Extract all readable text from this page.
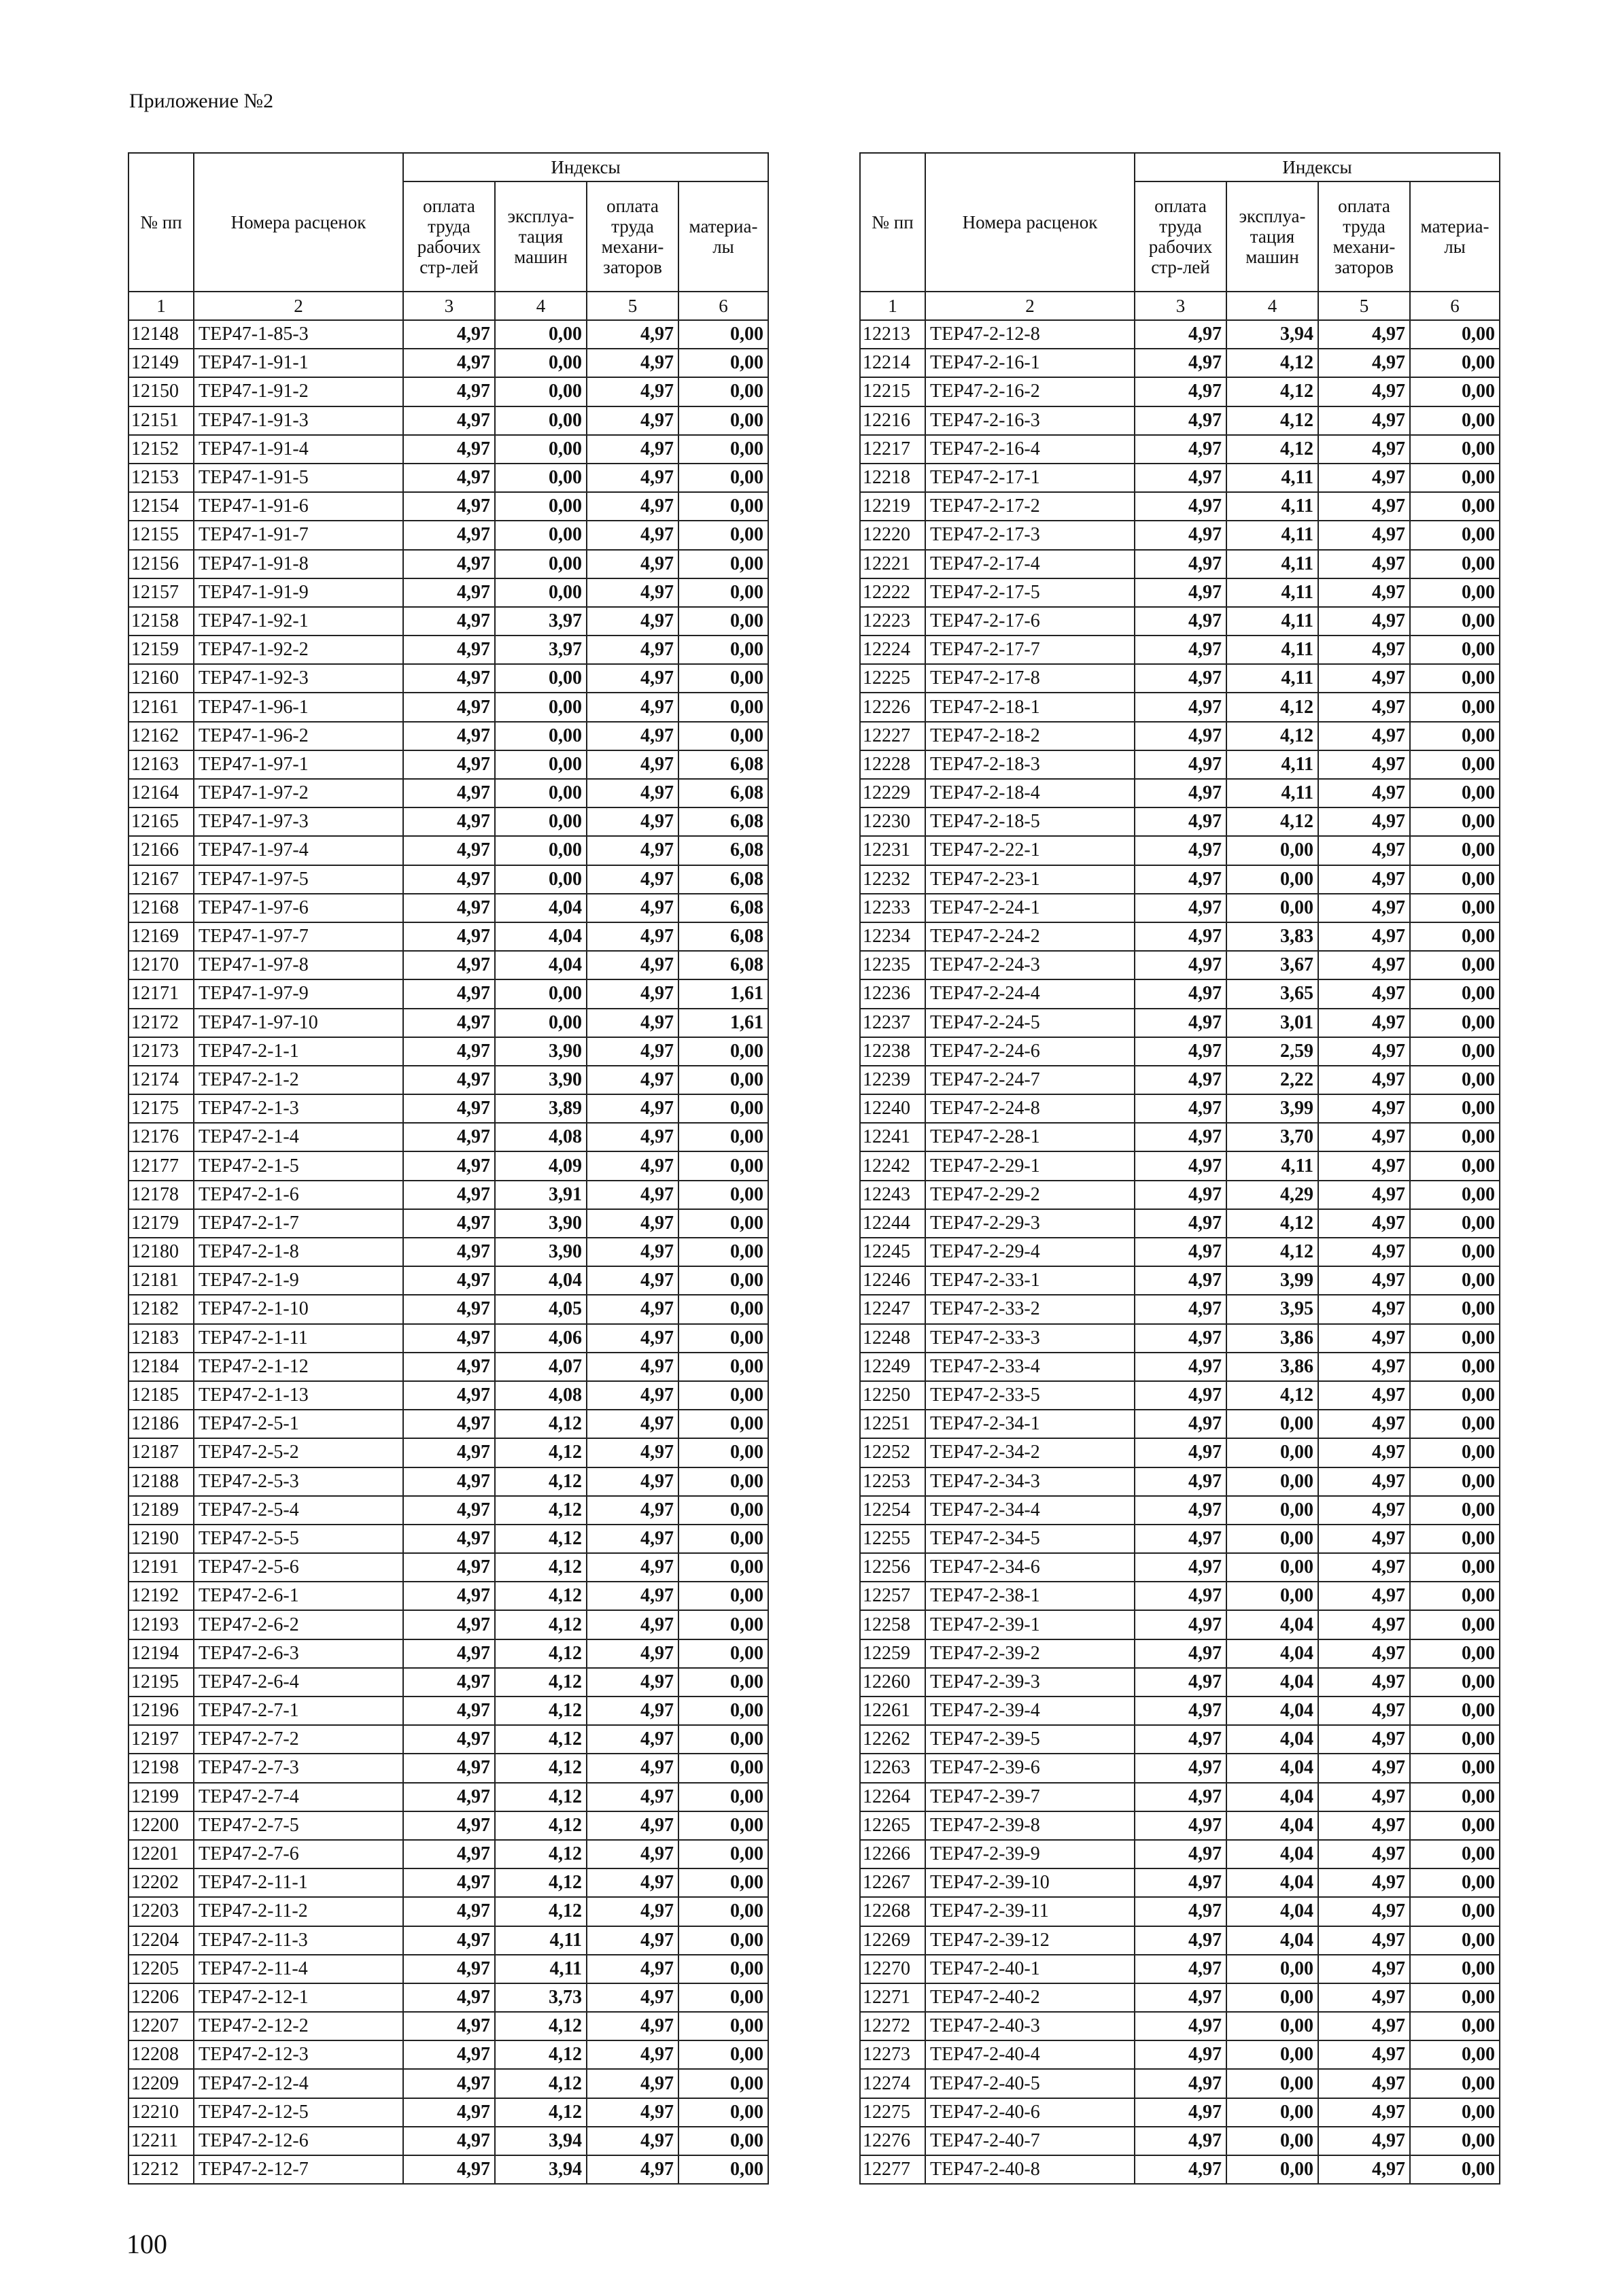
Приложение №2
№ пп	Номера расценок	Индексы			
		оплата труда рабочих стр-лей	эксплуа-тация машин	оплата труда механи-заторов	материа-лы
1	2	3	4	5	6
12148	ТЕР47-1-85-3	4,97	0,00	4,97	0,00
12149	ТЕР47-1-91-1	4,97	0,00	4,97	0,00
12150	ТЕР47-1-91-2	4,97	0,00	4,97	0,00
12151	ТЕР47-1-91-3	4,97	0,00	4,97	0,00
12152	ТЕР47-1-91-4	4,97	0,00	4,97	0,00
12153	ТЕР47-1-91-5	4,97	0,00	4,97	0,00
12154	ТЕР47-1-91-6	4,97	0,00	4,97	0,00
12155	ТЕР47-1-91-7	4,97	0,00	4,97	0,00
12156	ТЕР47-1-91-8	4,97	0,00	4,97	0,00
12157	ТЕР47-1-91-9	4,97	0,00	4,97	0,00
12158	ТЕР47-1-92-1	4,97	3,97	4,97	0,00
12159	ТЕР47-1-92-2	4,97	3,97	4,97	0,00
12160	ТЕР47-1-92-3	4,97	0,00	4,97	0,00
12161	ТЕР47-1-96-1	4,97	0,00	4,97	0,00
12162	ТЕР47-1-96-2	4,97	0,00	4,97	0,00
12163	ТЕР47-1-97-1	4,97	0,00	4,97	6,08
12164	ТЕР47-1-97-2	4,97	0,00	4,97	6,08
12165	ТЕР47-1-97-3	4,97	0,00	4,97	6,08
12166	ТЕР47-1-97-4	4,97	0,00	4,97	6,08
12167	ТЕР47-1-97-5	4,97	0,00	4,97	6,08
12168	ТЕР47-1-97-6	4,97	4,04	4,97	6,08
12169	ТЕР47-1-97-7	4,97	4,04	4,97	6,08
12170	ТЕР47-1-97-8	4,97	4,04	4,97	6,08
12171	ТЕР47-1-97-9	4,97	0,00	4,97	1,61
12172	ТЕР47-1-97-10	4,97	0,00	4,97	1,61
12173	ТЕР47-2-1-1	4,97	3,90	4,97	0,00
12174	ТЕР47-2-1-2	4,97	3,90	4,97	0,00
12175	ТЕР47-2-1-3	4,97	3,89	4,97	0,00
12176	ТЕР47-2-1-4	4,97	4,08	4,97	0,00
12177	ТЕР47-2-1-5	4,97	4,09	4,97	0,00
12178	ТЕР47-2-1-6	4,97	3,91	4,97	0,00
12179	ТЕР47-2-1-7	4,97	3,90	4,97	0,00
12180	ТЕР47-2-1-8	4,97	3,90	4,97	0,00
12181	ТЕР47-2-1-9	4,97	4,04	4,97	0,00
12182	ТЕР47-2-1-10	4,97	4,05	4,97	0,00
12183	ТЕР47-2-1-11	4,97	4,06	4,97	0,00
12184	ТЕР47-2-1-12	4,97	4,07	4,97	0,00
12185	ТЕР47-2-1-13	4,97	4,08	4,97	0,00
12186	ТЕР47-2-5-1	4,97	4,12	4,97	0,00
12187	ТЕР47-2-5-2	4,97	4,12	4,97	0,00
12188	ТЕР47-2-5-3	4,97	4,12	4,97	0,00
12189	ТЕР47-2-5-4	4,97	4,12	4,97	0,00
12190	ТЕР47-2-5-5	4,97	4,12	4,97	0,00
12191	ТЕР47-2-5-6	4,97	4,12	4,97	0,00
12192	ТЕР47-2-6-1	4,97	4,12	4,97	0,00
12193	ТЕР47-2-6-2	4,97	4,12	4,97	0,00
12194	ТЕР47-2-6-3	4,97	4,12	4,97	0,00
12195	ТЕР47-2-6-4	4,97	4,12	4,97	0,00
12196	ТЕР47-2-7-1	4,97	4,12	4,97	0,00
12197	ТЕР47-2-7-2	4,97	4,12	4,97	0,00
12198	ТЕР47-2-7-3	4,97	4,12	4,97	0,00
12199	ТЕР47-2-7-4	4,97	4,12	4,97	0,00
12200	ТЕР47-2-7-5	4,97	4,12	4,97	0,00
12201	ТЕР47-2-7-6	4,97	4,12	4,97	0,00
12202	ТЕР47-2-11-1	4,97	4,12	4,97	0,00
12203	ТЕР47-2-11-2	4,97	4,12	4,97	0,00
12204	ТЕР47-2-11-3	4,97	4,11	4,97	0,00
12205	ТЕР47-2-11-4	4,97	4,11	4,97	0,00
12206	ТЕР47-2-12-1	4,97	3,73	4,97	0,00
12207	ТЕР47-2-12-2	4,97	4,12	4,97	0,00
12208	ТЕР47-2-12-3	4,97	4,12	4,97	0,00
12209	ТЕР47-2-12-4	4,97	4,12	4,97	0,00
12210	ТЕР47-2-12-5	4,97	4,12	4,97	0,00
12211	ТЕР47-2-12-6	4,97	3,94	4,97	0,00
12212	ТЕР47-2-12-7	4,97	3,94	4,97	0,00
№ пп	Номера расценок	Индексы			
		оплата труда рабочих стр-лей	эксплуа-тация машин	оплата труда механи-заторов	материа-лы
1	2	3	4	5	6
12213	ТЕР47-2-12-8	4,97	3,94	4,97	0,00
12214	ТЕР47-2-16-1	4,97	4,12	4,97	0,00
12215	ТЕР47-2-16-2	4,97	4,12	4,97	0,00
12216	ТЕР47-2-16-3	4,97	4,12	4,97	0,00
12217	ТЕР47-2-16-4	4,97	4,12	4,97	0,00
12218	ТЕР47-2-17-1	4,97	4,11	4,97	0,00
12219	ТЕР47-2-17-2	4,97	4,11	4,97	0,00
12220	ТЕР47-2-17-3	4,97	4,11	4,97	0,00
12221	ТЕР47-2-17-4	4,97	4,11	4,97	0,00
12222	ТЕР47-2-17-5	4,97	4,11	4,97	0,00
12223	ТЕР47-2-17-6	4,97	4,11	4,97	0,00
12224	ТЕР47-2-17-7	4,97	4,11	4,97	0,00
12225	ТЕР47-2-17-8	4,97	4,11	4,97	0,00
12226	ТЕР47-2-18-1	4,97	4,12	4,97	0,00
12227	ТЕР47-2-18-2	4,97	4,12	4,97	0,00
12228	ТЕР47-2-18-3	4,97	4,11	4,97	0,00
12229	ТЕР47-2-18-4	4,97	4,11	4,97	0,00
12230	ТЕР47-2-18-5	4,97	4,12	4,97	0,00
12231	ТЕР47-2-22-1	4,97	0,00	4,97	0,00
12232	ТЕР47-2-23-1	4,97	0,00	4,97	0,00
12233	ТЕР47-2-24-1	4,97	0,00	4,97	0,00
12234	ТЕР47-2-24-2	4,97	3,83	4,97	0,00
12235	ТЕР47-2-24-3	4,97	3,67	4,97	0,00
12236	ТЕР47-2-24-4	4,97	3,65	4,97	0,00
12237	ТЕР47-2-24-5	4,97	3,01	4,97	0,00
12238	ТЕР47-2-24-6	4,97	2,59	4,97	0,00
12239	ТЕР47-2-24-7	4,97	2,22	4,97	0,00
12240	ТЕР47-2-24-8	4,97	3,99	4,97	0,00
12241	ТЕР47-2-28-1	4,97	3,70	4,97	0,00
12242	ТЕР47-2-29-1	4,97	4,11	4,97	0,00
12243	ТЕР47-2-29-2	4,97	4,29	4,97	0,00
12244	ТЕР47-2-29-3	4,97	4,12	4,97	0,00
12245	ТЕР47-2-29-4	4,97	4,12	4,97	0,00
12246	ТЕР47-2-33-1	4,97	3,99	4,97	0,00
12247	ТЕР47-2-33-2	4,97	3,95	4,97	0,00
12248	ТЕР47-2-33-3	4,97	3,86	4,97	0,00
12249	ТЕР47-2-33-4	4,97	3,86	4,97	0,00
12250	ТЕР47-2-33-5	4,97	4,12	4,97	0,00
12251	ТЕР47-2-34-1	4,97	0,00	4,97	0,00
12252	ТЕР47-2-34-2	4,97	0,00	4,97	0,00
12253	ТЕР47-2-34-3	4,97	0,00	4,97	0,00
12254	ТЕР47-2-34-4	4,97	0,00	4,97	0,00
12255	ТЕР47-2-34-5	4,97	0,00	4,97	0,00
12256	ТЕР47-2-34-6	4,97	0,00	4,97	0,00
12257	ТЕР47-2-38-1	4,97	0,00	4,97	0,00
12258	ТЕР47-2-39-1	4,97	4,04	4,97	0,00
12259	ТЕР47-2-39-2	4,97	4,04	4,97	0,00
12260	ТЕР47-2-39-3	4,97	4,04	4,97	0,00
12261	ТЕР47-2-39-4	4,97	4,04	4,97	0,00
12262	ТЕР47-2-39-5	4,97	4,04	4,97	0,00
12263	ТЕР47-2-39-6	4,97	4,04	4,97	0,00
12264	ТЕР47-2-39-7	4,97	4,04	4,97	0,00
12265	ТЕР47-2-39-8	4,97	4,04	4,97	0,00
12266	ТЕР47-2-39-9	4,97	4,04	4,97	0,00
12267	ТЕР47-2-39-10	4,97	4,04	4,97	0,00
12268	ТЕР47-2-39-11	4,97	4,04	4,97	0,00
12269	ТЕР47-2-39-12	4,97	4,04	4,97	0,00
12270	ТЕР47-2-40-1	4,97	0,00	4,97	0,00
12271	ТЕР47-2-40-2	4,97	0,00	4,97	0,00
12272	ТЕР47-2-40-3	4,97	0,00	4,97	0,00
12273	ТЕР47-2-40-4	4,97	0,00	4,97	0,00
12274	ТЕР47-2-40-5	4,97	0,00	4,97	0,00
12275	ТЕР47-2-40-6	4,97	0,00	4,97	0,00
12276	ТЕР47-2-40-7	4,97	0,00	4,97	0,00
12277	ТЕР47-2-40-8	4,97	0,00	4,97	0,00
100
